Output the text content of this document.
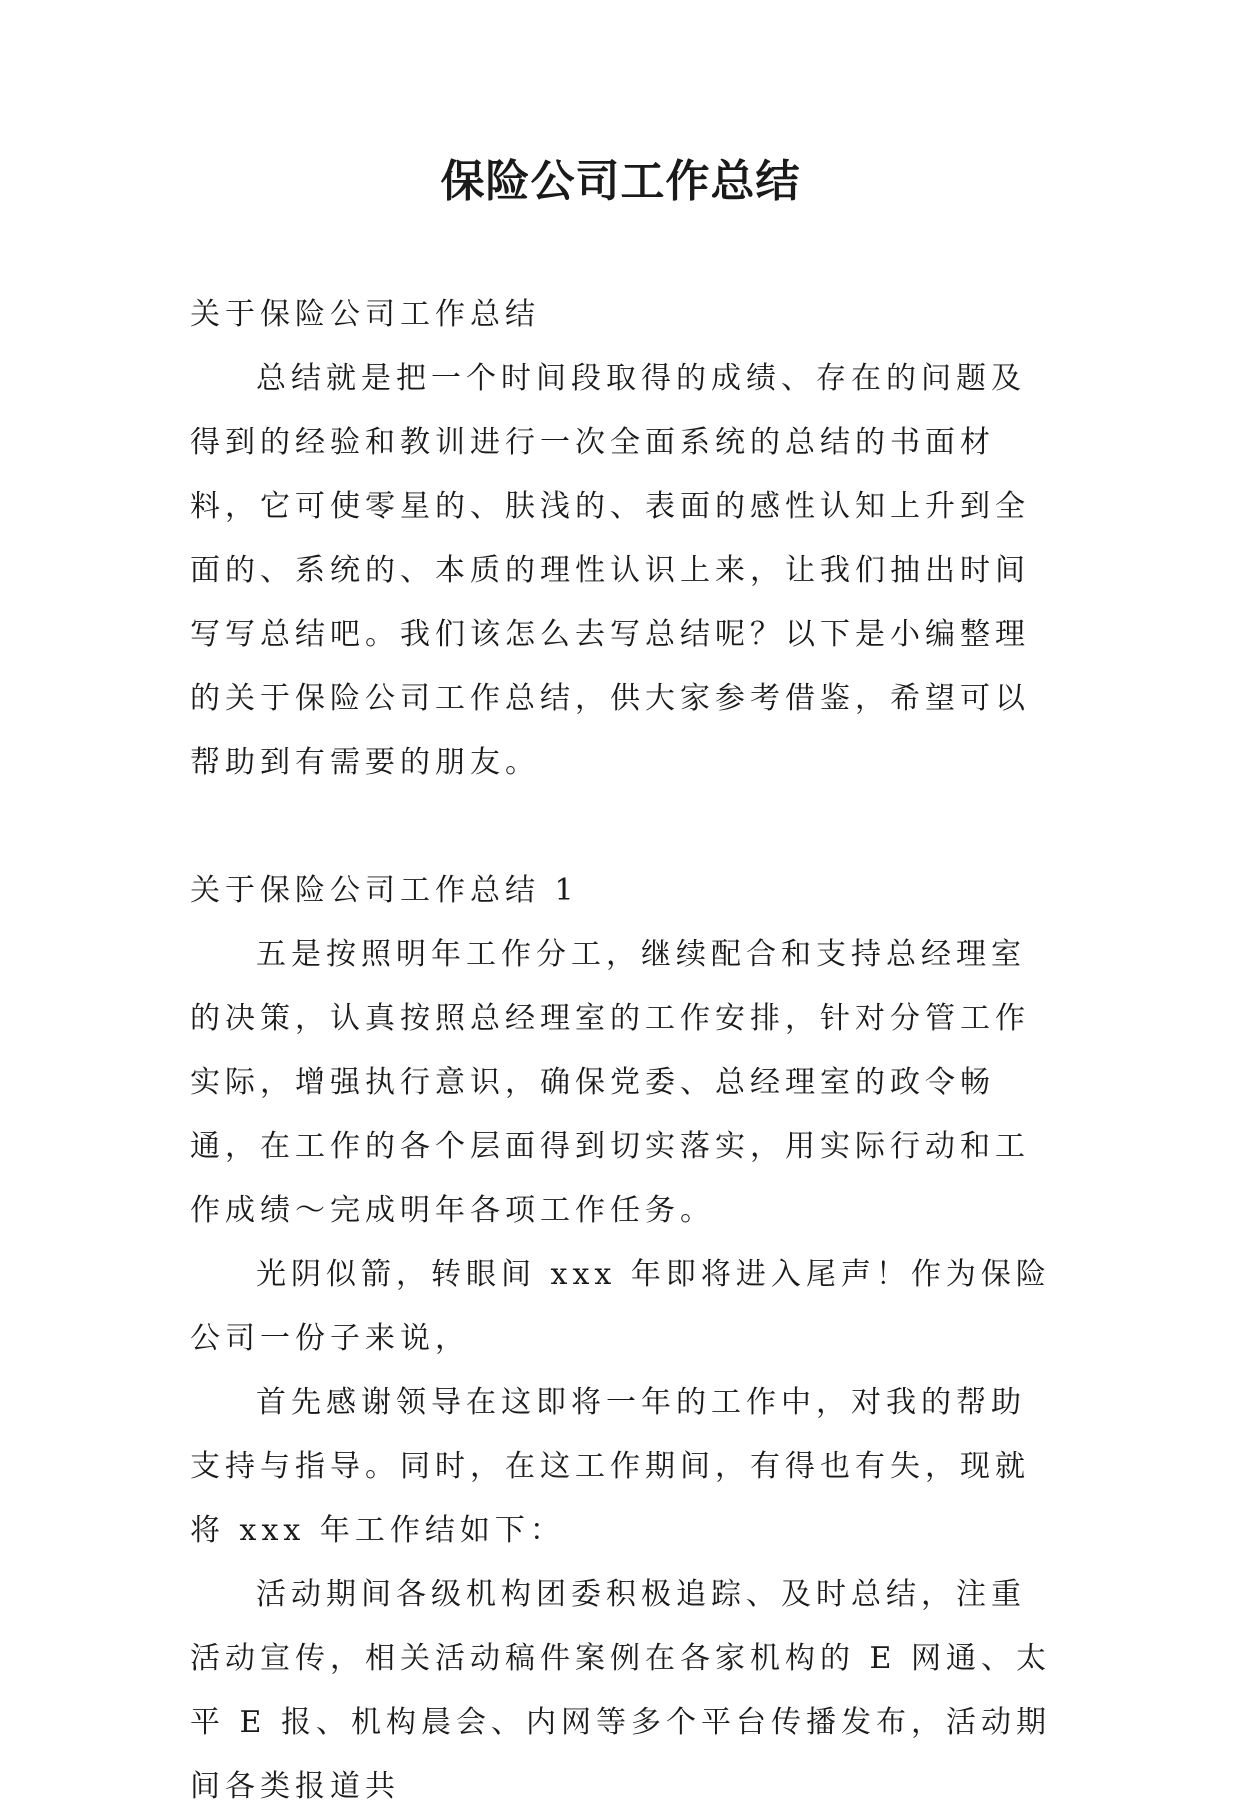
保险公司工作总结

关于保险公司工作总结

总结就是把一个时间段取得的成绩、存在的问题及得到的经验和教训进行一次全面系统的总结的书面材料，它可使零星的、肤浅的、表面的感性认知上升到全面的、系统的、本质的理性认识上来，让我们抽出时间写写总结吧。我们该怎么去写总结呢？以下是小编整理的关于保险公司工作总结，供大家参考借鉴，希望可以帮助到有需要的朋友。

关于保险公司工作总结 1

五是按照明年工作分工，继续配合和支持总经理室的决策，认真按照总经理室的工作安排，针对分管工作实际，增强执行意识，确保党委、总经理室的政令畅通，在工作的各个层面得到切实落实，用实际行动和工作成绩～完成明年各项工作任务。

光阴似箭，转眼间 xxx 年即将进入尾声！作为保险公司一份子来说，

首先感谢领导在这即将一年的工作中，对我的帮助支持与指导。同时，在这工作期间，有得也有失，现就将 xxx 年工作结如下：

活动期间各级机构团委积极追踪、及时总结，注重活动宣传，相关活动稿件案例在各家机构的 E 网通、太平 E 报、机构晨会、内网等多个平台传播发布，活动期间各类报道共
